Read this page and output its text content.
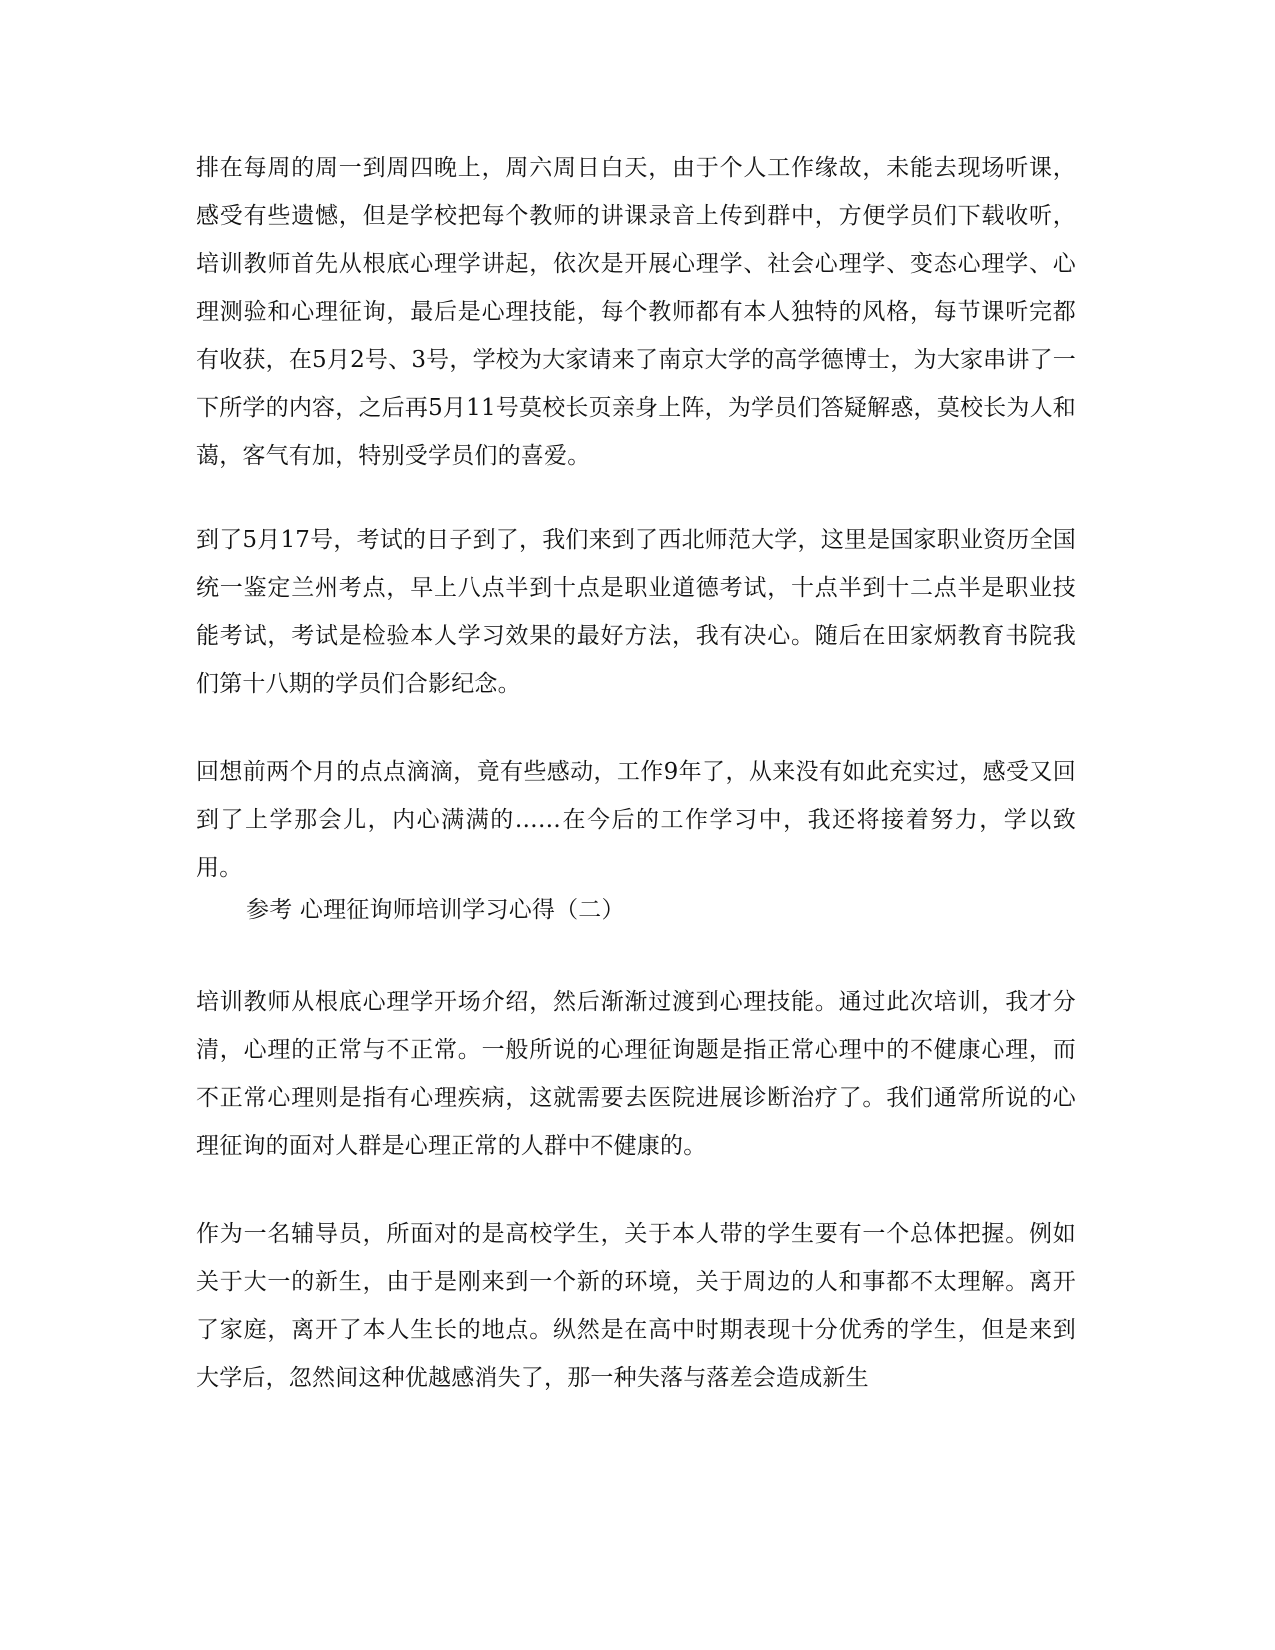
排在每周的周一到周四晚上，周六周日白天，由于个人工作缘故，未能去现场听课，感受有些遗憾，但是学校把每个教师的讲课录音上传到群中，方便学员们下载收听，培训教师首先从根底心理学讲起，依次是开展心理学、社会心理学、变态心理学、心理测验和心理征询，最后是心理技能，每个教师都有本人独特的风格，每节课听完都有收获，在5月2号、3号，学校为大家请来了南京大学的高学德博士，为大家串讲了一下所学的内容，之后再5月11号莫校长页亲身上阵，为学员们答疑解惑，莫校长为人和蔼，客气有加，特别受学员们的喜爱。

到了5月17号，考试的日子到了，我们来到了西北师范大学，这里是国家职业资历全国统一鉴定兰州考点，早上八点半到十点是职业道德考试，十点半到十二点半是职业技能考试，考试是检验本人学习效果的最好方法，我有决心。随后在田家炳教育书院我们第十八期的学员们合影纪念。

回想前两个月的点点滴滴，竟有些感动，工作9年了，从来没有如此充实过，感受又回到了上学那会儿，内心满满的……在今后的工作学习中，我还将接着努力，学以致用。

参考 心理征询师培训学习心得（二）

培训教师从根底心理学开场介绍，然后渐渐过渡到心理技能。通过此次培训，我才分清，心理的正常与不正常。一般所说的心理征询题是指正常心理中的不健康心理，而不正常心理则是指有心理疾病，这就需要去医院进展诊断治疗了。我们通常所说的心理征询的面对人群是心理正常的人群中不健康的。

作为一名辅导员，所面对的是高校学生，关于本人带的学生要有一个总体把握。例如关于大一的新生，由于是刚来到一个新的环境，关于周边的人和事都不太理解。离开了家庭，离开了本人生长的地点。纵然是在高中时期表现十分优秀的学生，但是来到大学后，忽然间这种优越感消失了，那一种失落与落差会造成新生
